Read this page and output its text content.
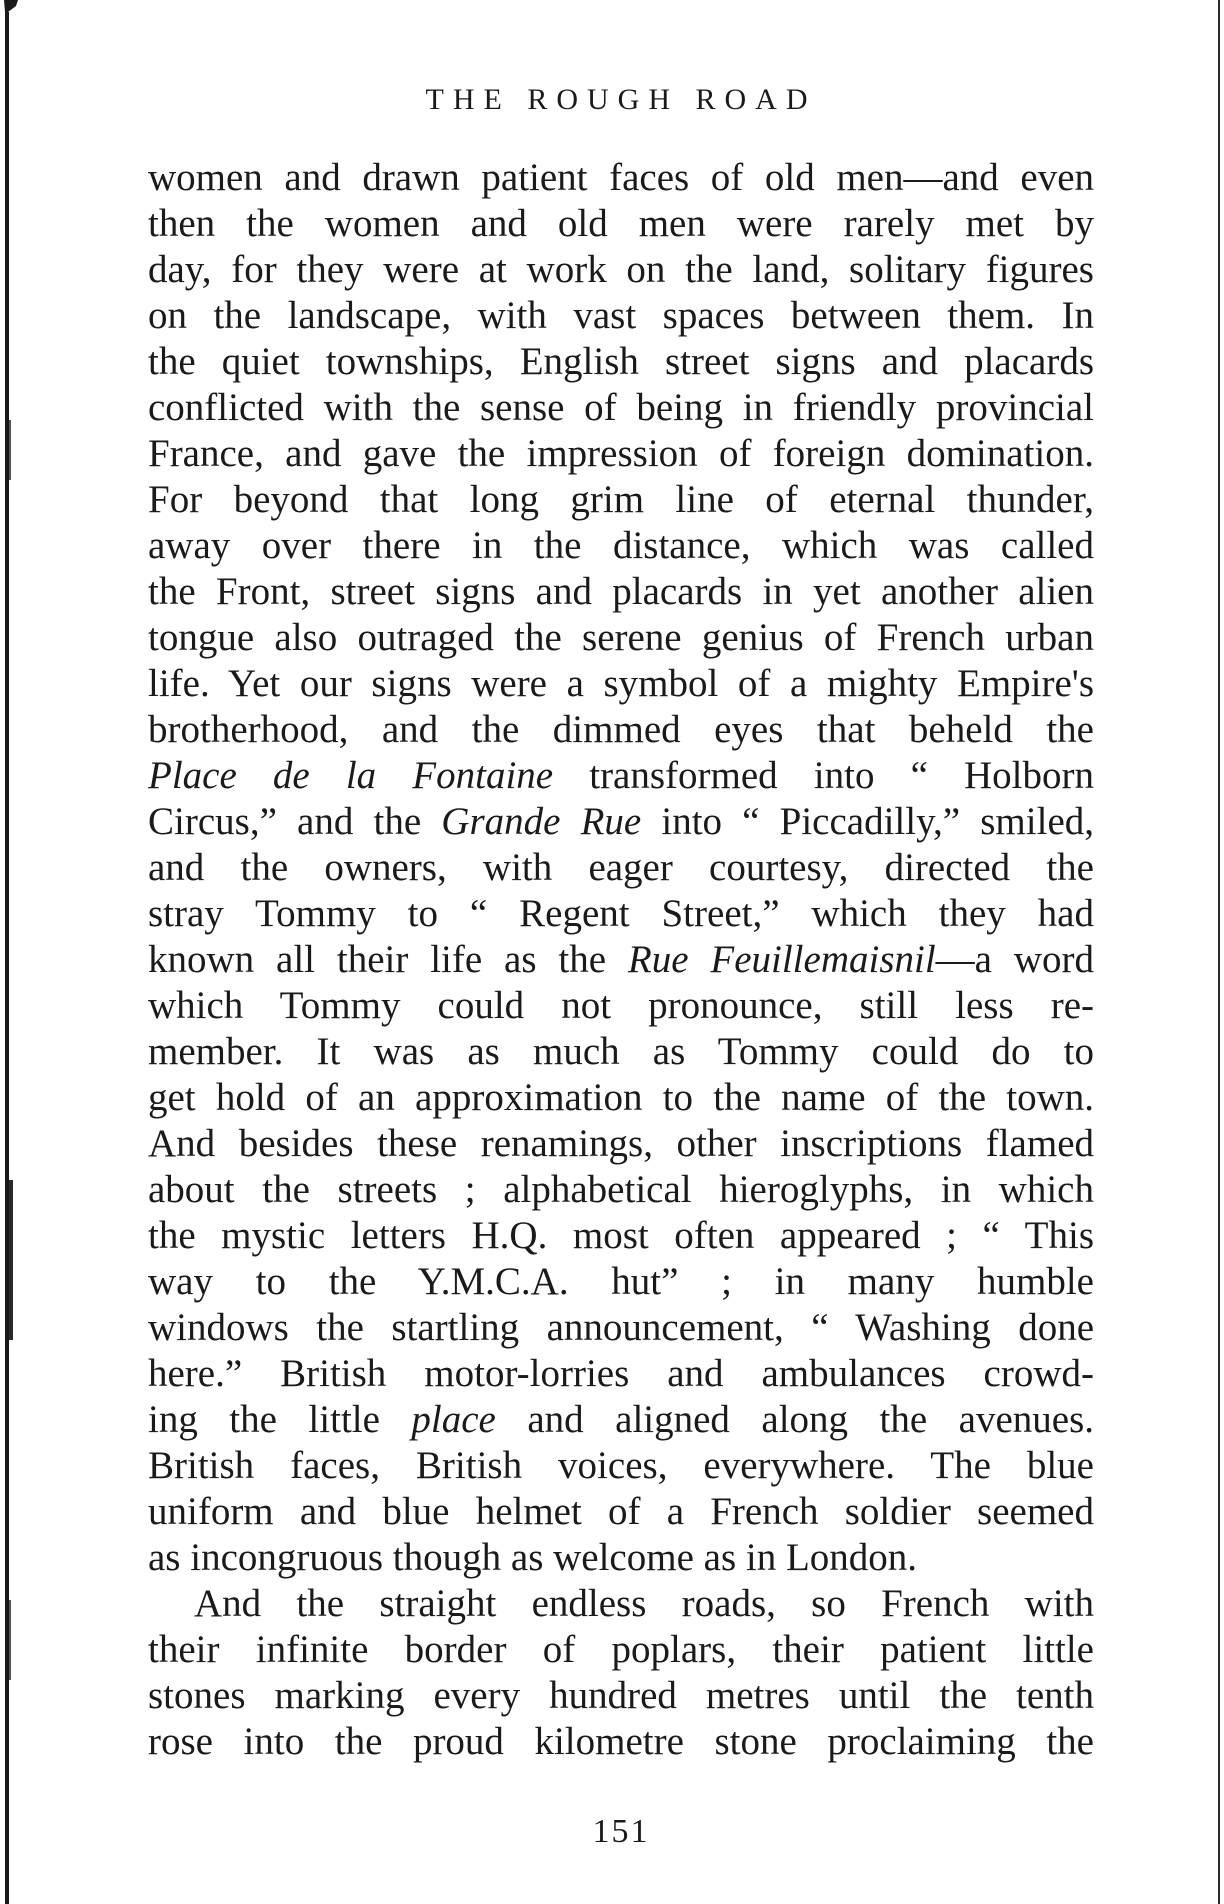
THE ROUGH ROAD
women and drawn patient faces of old men—and even
then the women and old men were rarely met by
day, for they were at work on the land, solitary figures
on the landscape, with vast spaces between them. In
the quiet townships, English street signs and placards
conflicted with the sense of being in friendly provincial
France, and gave the impression of foreign domination.
For beyond that long grim line of eternal thunder,
away over there in the distance, which was called
the Front, street signs and placards in yet another alien
tongue also outraged the serene genius of French urban
life. Yet our signs were a symbol of a mighty Empire's
brotherhood, and the dimmed eyes that beheld the
Place de la Fontaine transformed into “ Holborn
Circus,” and the Grande Rue into “ Piccadilly,” smiled,
and the owners, with eager courtesy, directed the
stray Tommy to “ Regent Street,” which they had
known all their life as the Rue Feuillemaisnil—a word
which Tommy could not pronounce, still less re-
member. It was as much as Tommy could do to
get hold of an approximation to the name of the town.
And besides these renamings, other inscriptions flamed
about the streets ; alphabetical hieroglyphs, in which
the mystic letters H.Q. most often appeared ; “ This
way to the Y.M.C.A. hut” ; in many humble
windows the startling announcement, “ Washing done
here.” British motor-lorries and ambulances crowd-
ing the little place and aligned along the avenues.
British faces, British voices, everywhere. The blue
uniform and blue helmet of a French soldier seemed
as incongruous though as welcome as in London.
And the straight endless roads, so French with
their infinite border of poplars, their patient little
stones marking every hundred metres until the tenth
rose into the proud kilometre stone proclaiming the
151
